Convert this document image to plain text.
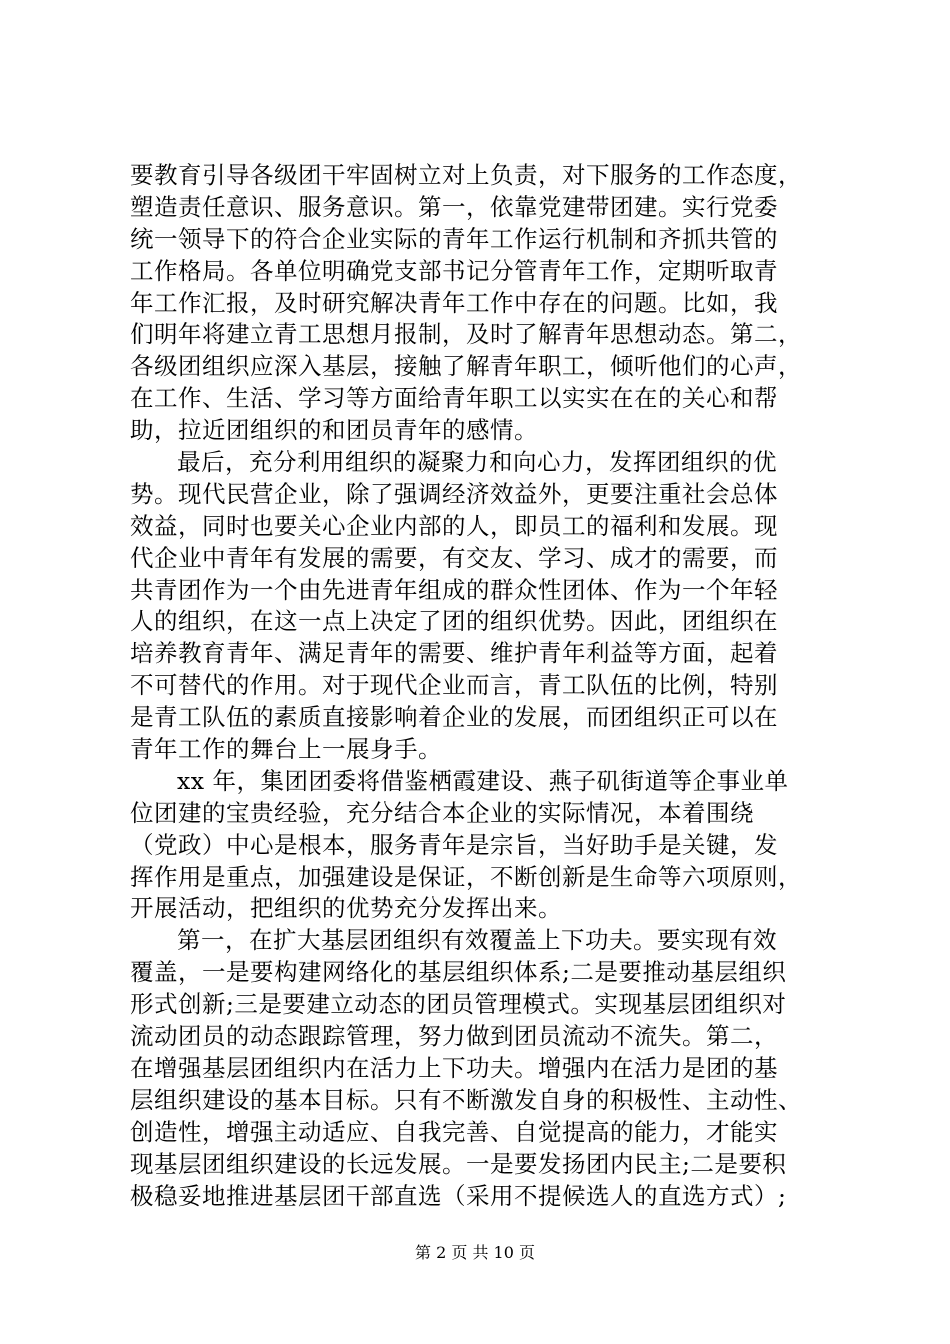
要教育引导各级团干牢固树立对上负责，对下服务的工作态度，
塑造责任意识、服务意识。第一，依靠党建带团建。实行党委
统一领导下的符合企业实际的青年工作运行机制和齐抓共管的
工作格局。各单位明确党支部书记分管青年工作，定期听取青
年工作汇报，及时研究解决青年工作中存在的问题。比如，我
们明年将建立青工思想月报制，及时了解青年思想动态。第二，
各级团组织应深入基层，接触了解青年职工，倾听他们的心声，
在工作、生活、学习等方面给青年职工以实实在在的关心和帮
助，拉近团组织的和团员青年的感情。
最后，充分利用组织的凝聚力和向心力，发挥团组织的优
势。现代民营企业，除了强调经济效益外，更要注重社会总体
效益，同时也要关心企业内部的人，即员工的福利和发展。现
代企业中青年有发展的需要，有交友、学习、成才的需要，而
共青团作为一个由先进青年组成的群众性团体、作为一个年轻
人的组织，在这一点上决定了团的组织优势。因此，团组织在
培养教育青年、满足青年的需要、维护青年利益等方面，起着
不可替代的作用。对于现代企业而言，青工队伍的比例，特别
是青工队伍的素质直接影响着企业的发展，而团组织正可以在
青年工作的舞台上一展身手。
xx 年，集团团委将借鉴栖霞建设、燕子矶街道等企事业单
位团建的宝贵经验，充分结合本企业的实际情况，本着围绕
（党政）中心是根本，服务青年是宗旨，当好助手是关键，发
挥作用是重点，加强建设是保证，不断创新是生命等六项原则，
开展活动，把组织的优势充分发挥出来。
第一，在扩大基层团组织有效覆盖上下功夫。要实现有效
覆盖，一是要构建网络化的基层组织体系;二是要推动基层组织
形式创新;三是要建立动态的团员管理模式。实现基层团组织对
流动团员的动态跟踪管理，努力做到团员流动不流失。第二，
在增强基层团组织内在活力上下功夫。增强内在活力是团的基
层组织建设的基本目标。只有不断激发自身的积极性、主动性、
创造性，增强主动适应、自我完善、自觉提高的能力，才能实
现基层团组织建设的长远发展。一是要发扬团内民主;二是要积
极稳妥地推进基层团干部直选（采用不提候选人的直选方式）;
第 2 页 共 10 页
